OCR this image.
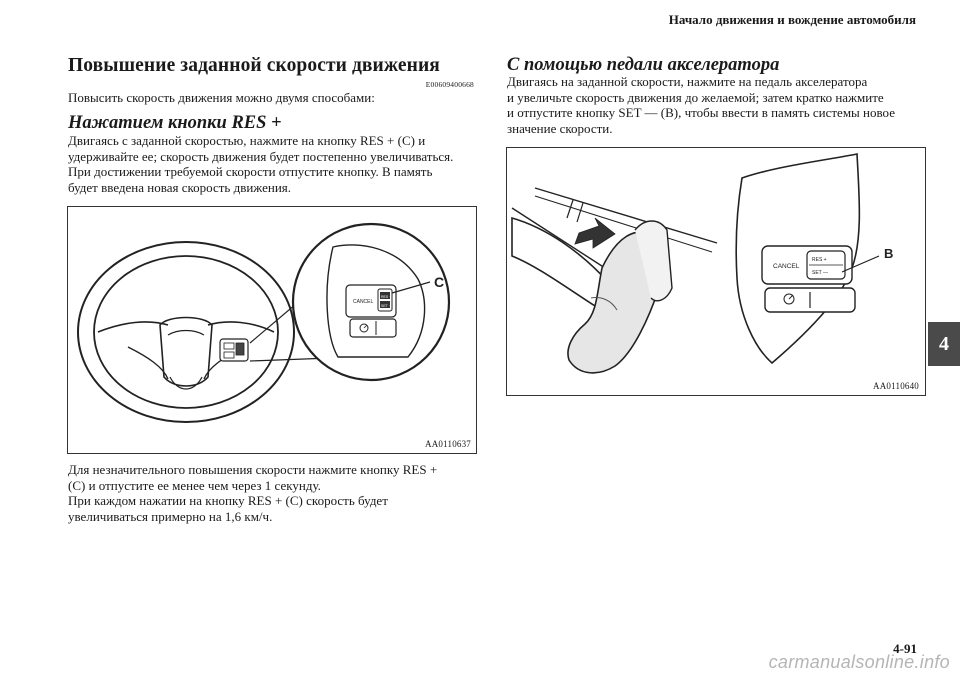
Начало движения и вождение автомобиля
4
Повышение заданной скорости движения
E00609400668
Повысить скорость движения можно двумя способами:
Нажатием кнопки RES +
Двигаясь с заданной скоростью, нажмите на кнопку RES + (C) и
удерживайте ее; скорость движения будет постепенно увеличиваться.
При достижении требуемой скорости отпустите кнопку. В память
будет введена новая скорость движения.
CANCEL
RES +
SET −
C
AA0110637
Для незначительного повышения скорости нажмите кнопку RES +
(C) и отпустите ее менее чем через 1 секунду.
При каждом нажатии на кнопку RES + (C) скорость будет
увеличиваться примерно на 1,6 км/ч.
С помощью педали акселератора
Двигаясь на заданной скорости, нажмите на педаль акселератора
и увеличьте скорость движения до желаемой; затем кратко нажмите
и отпустите кнопку SET — (B), чтобы ввести в память системы новое
значение скорости.
CANCEL
RES +
SET —
B
AA0110640
4-91
carmanualsonline.info
